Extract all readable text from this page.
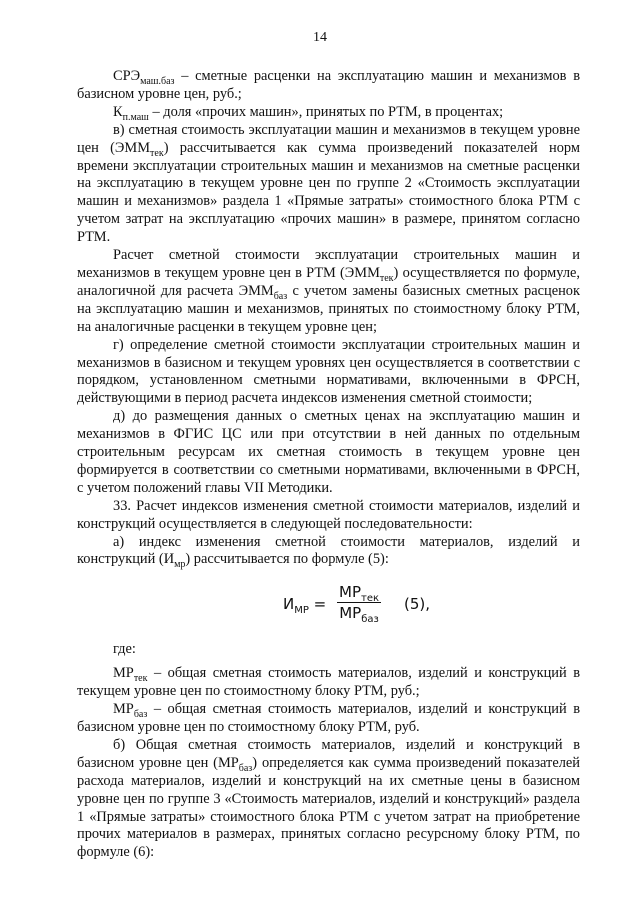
14

$СРЭ_{маш.баз}$ – сметные расценки на эксплуатацию машин и механизмов в базисном уровне цен, руб.;

$К_{п.маш}$ – доля «прочих машин», принятых по РТМ, в процентах;

в) сметная стоимость эксплуатации машин и механизмов в текущем уровне цен $(ЭММ_{тек})$ рассчитывается как сумма произведений показателей норм времени эксплуатации строительных машин и механизмов на сметные расценки на эксплуатацию в текущем уровне цен по группе 2 «Стоимость эксплуатации машин и механизмов» раздела 1 «Прямые затраты» стоимостного блока РТМ с учетом затрат на эксплуатацию «прочих машин» в размере, принятом согласно РТМ.

Расчет сметной стоимости эксплуатации строительных машин и механизмов в текущем уровне цен в РТМ $(ЭММ_{тек})$ осуществляется по формуле, аналогичной для расчета $ЭММ_{баз}$ с учетом замены базисных сметных расценок на эксплуатацию машин и механизмов, принятых по стоимостному блоку РТМ, на аналогичные расценки в текущем уровне цен;

г) определение сметной стоимости эксплуатации строительных машин и механизмов в базисном и текущем уровнях цен осуществляется в соответствии с порядком, установленном сметными нормативами, включенными в ФРСН, действующими в период расчета индексов изменения сметной стоимости;

д) до размещения данных о сметных ценах на эксплуатацию машин и механизмов в ФГИС ЦС или при отсутствии в ней данных по отдельным строительным ресурсам их сметная стоимость в текущем уровне цен формируется в соответствии со сметными нормативами, включенными в ФРСН, с учетом положений главы VII Методики.

33. Расчет индексов изменения сметной стоимости материалов, изделий и конструкций осуществляется в следующей последовательности:

а) индекс изменения сметной стоимости материалов, изделий и конструкций $(И_{мр})$ рассчитывается по формуле (5):

$И_{МР}$ =
$МР_{тек}$
$МР_{баз}$
(5),

где:

$МР_{тек}$ – общая сметная стоимость материалов, изделий и конструкций в текущем уровне цен по стоимостному блоку РТМ, руб.;

$МР_{баз}$ – общая сметная стоимость материалов, изделий и конструкций в базисном уровне цен по стоимостному блоку РТМ, руб.

б) Общая сметная стоимость материалов, изделий и конструкций в базисном уровне цен $(МР_{баз})$ определяется как сумма произведений показателей расхода материалов, изделий и конструкций на их сметные цены в базисном уровне цен по группе 3 «Стоимость материалов, изделий и конструкций» раздела 1 «Прямые затраты» стоимостного блока РТМ с учетом затрат на приобретение прочих материалов в размерах, принятых согласно ресурсному блоку РТМ, по формуле (6):
